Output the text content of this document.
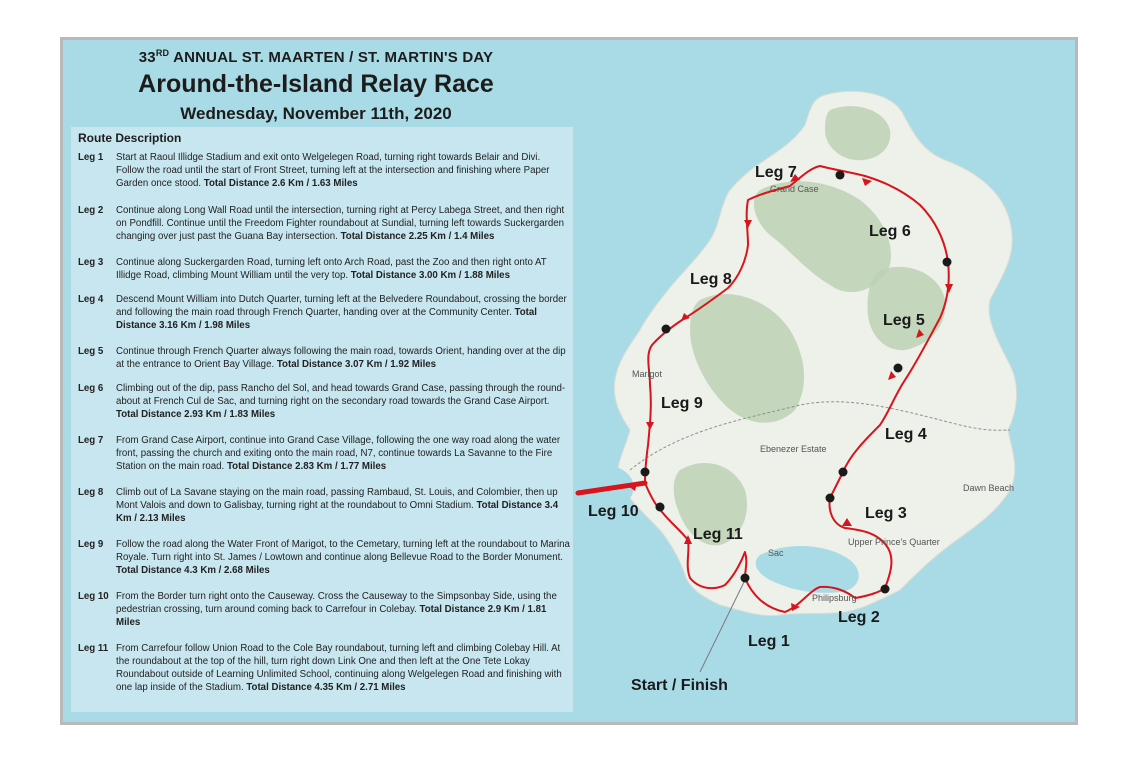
33RD ANNUAL ST. MAARTEN / ST. MARTIN'S DAY
Around-the-Island Relay Race
Wednesday, November 11th, 2020
Route Description
Leg 1	Start at Raoul Illidge Stadium and exit onto Welgelegen Road, turning right towards Belair and Divi. Follow the road until the start of Front Street, turning left at the intersection and finishing where Paper Garden once stood. Total Distance 2.6 Km / 1.63 Miles
Leg 2	Continue along Long Wall Road until the intersection, turning right at Percy Labega Street, and then right on Pondfill. Continue until the Freedom Fighter roundabout at Sundial, turning left towards Suckergarden changing over just past the Guana Bay intersection. Total Distance 2.25 Km / 1.4 Miles
Leg 3	Continue along Suckergarden Road, turning left onto Arch Road, past the Zoo and then right onto AT Illidge Road, climbing Mount William until the very top. Total Distance 3.00 Km / 1.88 Miles
Leg 4	Descend Mount William into Dutch Quarter, turning left at the Belvedere Roundabout, crossing the border and following the main road through French Quarter, handing over at the Community Center. Total Distance 3.16 Km / 1.98 Miles
Leg 5	Continue through French Quarter always following the main road, towards Orient, handing over at the dip at the entrance to Orient Bay Village. Total Distance 3.07 Km / 1.92 Miles
Leg 6	Climbing out of the dip, pass Rancho del Sol, and head towards Grand Case, passing through the round-about at French Cul de Sac, and turning right on the secondary road towards the Grand Case Airport. Total Distance 2.93 Km / 1.83 Miles
Leg 7	From Grand Case Airport, continue into Grand Case Village, following the one way road along the water front, passing the church and exiting onto the main road, N7, continue towards La Savanne to the Fire Station on the main road. Total Distance 2.83 Km / 1.77 Miles
Leg 8	Climb out of La Savane staying on the main road, passing Rambaud, St. Louis, and Colombier, then up Mont Valois and down to Galisbay, turning right at the roundabout to Omni Stadium. Total Distance 3.4 Km / 2.13 Miles
Leg 9	Follow the road along the Water Front of Marigot, to the Cemetary, turning left at the roundabout to Marina Royale. Turn right into St. James / Lowtown and continue along Bellevue Road to the Border Monument. Total Distance 4.3 Km / 2.68 Miles
Leg 10 From the Border turn right onto the Causeway. Cross the Causeway to the Simpsonbay Side, using the pedestrian crossing, turn around coming back to Carrefour in Colebay. Total Distance 2.9 Km / 1.81 Miles
Leg 11 From Carrefour follow Union Road to the Cole Bay roundabout, turning left and climbing Colebay Hill. At the roundabout at the top of the hill, turn right down Link One and then left at the One Tete Lokay Roundabout outside of Learning Unlimited School, continuing along Welgelegen Road and finishing with one lap inside of the Stadium. Total Distance 4.35 Km / 2.71 Miles
Grand Case
Marigot
Ebenezer Estate
Sac
Philipsburg
Upper Prince's Quarter
Dawn Beach
Leg 1
Leg 2
Leg 3
Leg 4
Leg 5
Leg 6
Leg 7
Leg 8
Leg 9
Leg 10
Leg 11
Start / Finish
